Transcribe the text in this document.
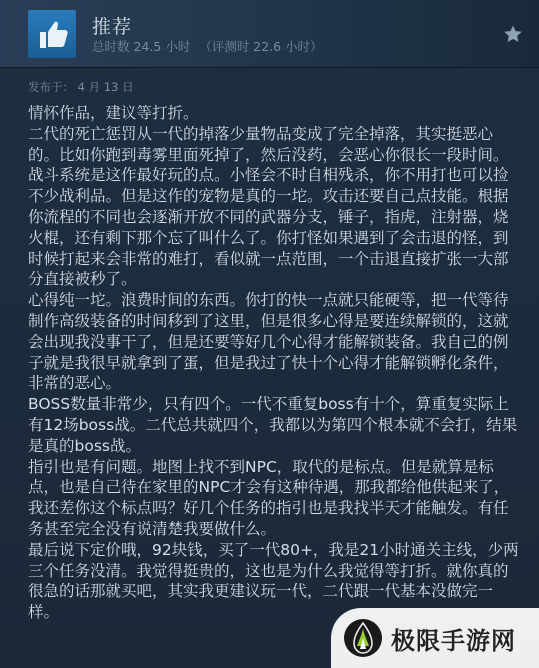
推荐
总时数 24.5 小时 （评测时 22.6 小时）
发布于： 4 月 13 日

情怀作品，建议等打折。

二代的死亡惩罚从一代的掉落少量物品变成了完全掉落，其实挺恶心的。比如你跑到毒雾里面死掉了，然后没药，会恶心你很长一段时间。

战斗系统是这作最好玩的点。小怪会不时自相残杀，你不用打也可以捡不少战利品。但是这作的宠物是真的一坨。攻击还要自己点技能。根据你流程的不同也会逐渐开放不同的武器分支，锤子，指虎，注射器，烧火棍，还有剩下那个忘了叫什么了。你打怪如果遇到了会击退的怪，到时候打起来会非常的难打，看似就一点范围，一个击退直接扩张一大部分直接被秒了。

心得纯一坨。浪费时间的东西。你打的快一点就只能硬等，把一代等待制作高级装备的时间移到了这里，但是很多心得是要连续解锁的，这就会出现我没事干了，但是还要等好几个心得才能解锁装备。我自己的例子就是我很早就拿到了蛋，但是我过了快十个心得才能解锁孵化条件，非常的恶心。

BOSS数量非常少，只有四个。一代不重复boss有十个，算重复实际上有12场boss战。二代总共就四个，我都以为第四个根本就不会打，结果是真的boss战。

指引也是有问题。地图上找不到NPC，取代的是标点。但是就算是标点，也是自己待在家里的NPC才会有这种待遇，那我都给他供起来了，我还差你这个标点吗？好几个任务的指引也是我找半天才能触发。有任务甚至完全没有说清楚我要做什么。

最后说下定价哦，92块钱，买了一代80+，我是21小时通关主线，少两三个任务没清。我觉得挺贵的，这也是为什么我觉得等打折。就你真的很急的话那就买吧，其实我更建议玩一代，二代跟一代基本没做完一样。

极限手游网
